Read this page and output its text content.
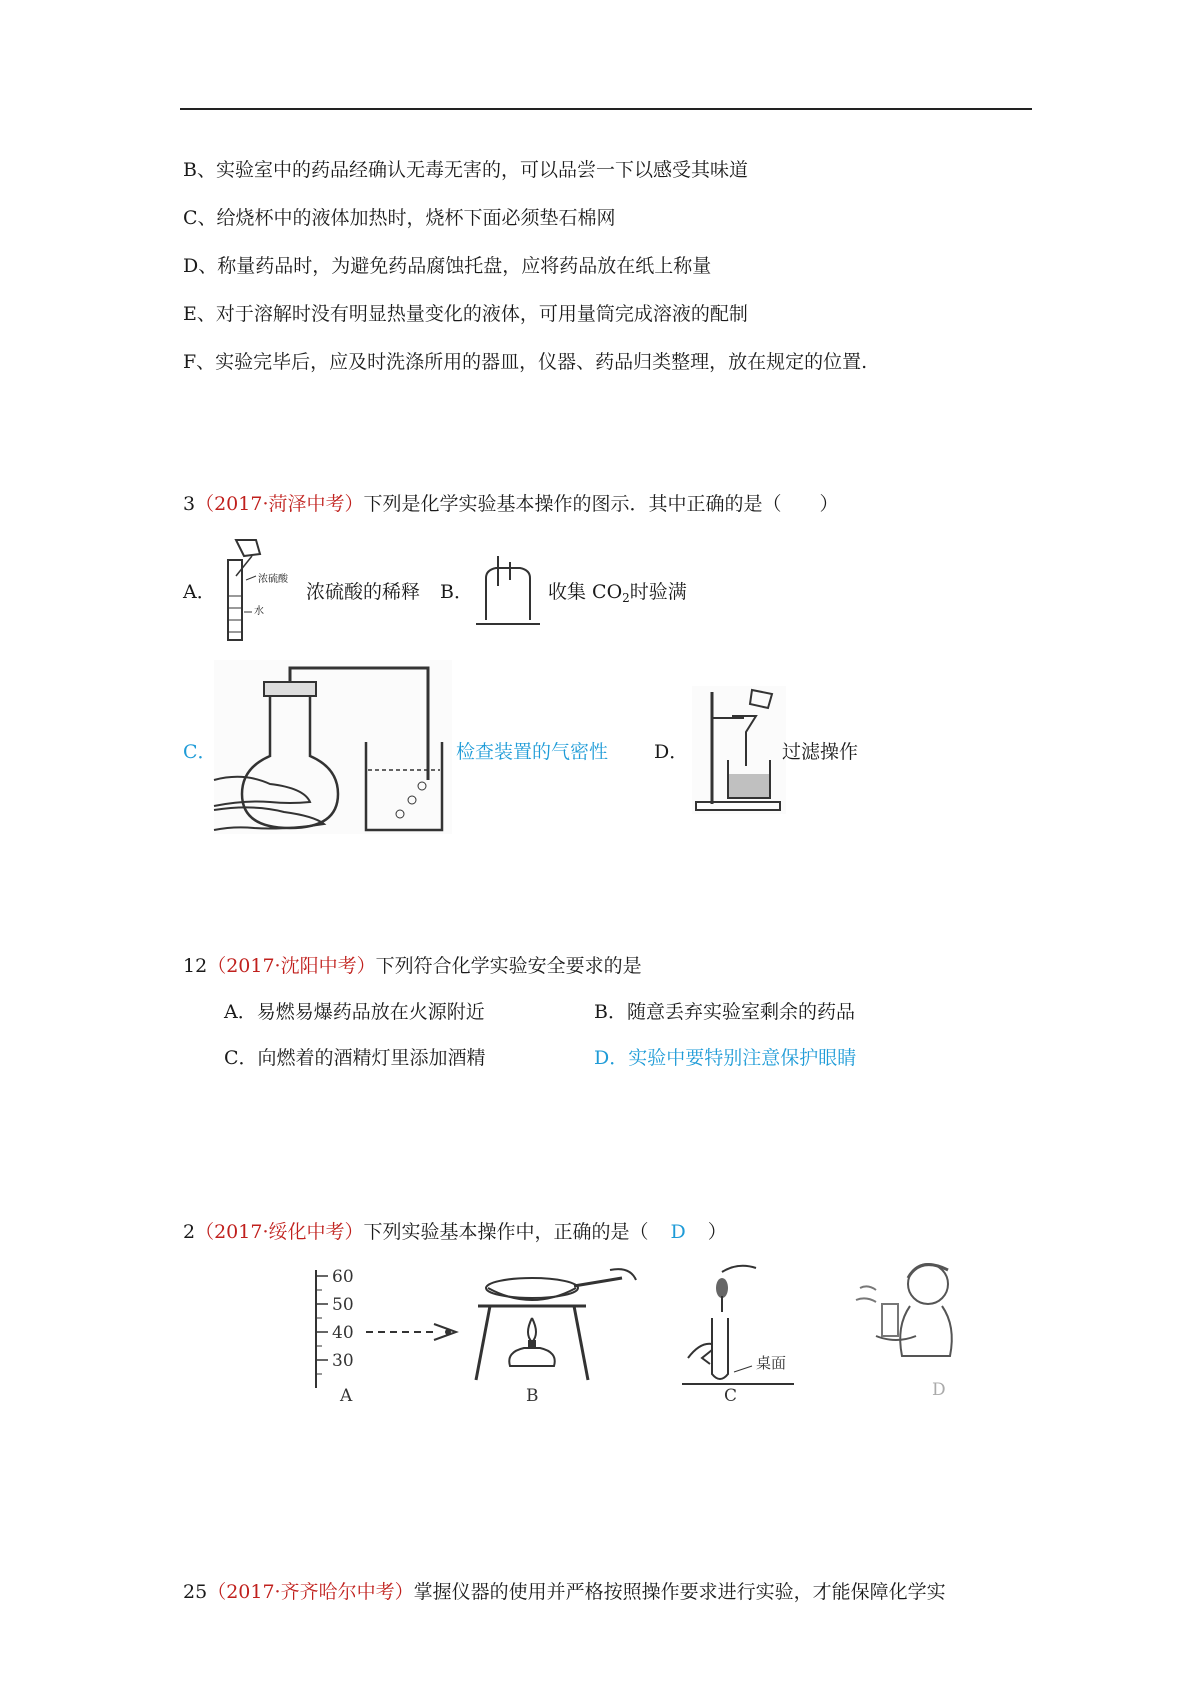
B、实验室中的药品经确认无毒无害的，可以品尝一下以感受其味道
C、给烧杯中的液体加热时，烧杯下面必须垫石棉网
D、称量药品时，为避免药品腐蚀托盘，应将药品放在纸上称量
E、对于溶解时没有明显热量变化的液体，可用量筒完成溶液的配制
F、实验完毕后，应及时洗涤所用的器皿，仪器、药品归类整理，放在规定的位置.
3（2017·菏泽中考）下列是化学实验基本操作的图示．其中正确的是（　　）
A．
浓硫酸
水
浓硫酸的稀释 B．	收集 $CO_2$时验满
C．	检查装置的气密性 D．	过滤操作
12（2017·沈阳中考）下列符合化学实验安全要求的是
A．易燃易爆药品放在火源附近	B．随意丢弃实验室剩余的药品
C．向燃着的酒精灯里添加酒精	D．实验中要特别注意保护眼睛
2（2017·绥化中考）下列实验基本操作中，正确的是（ D ）
60
50
40
30
A	B
桌面
C	D
25（2017·齐齐哈尔中考）掌握仪器的使用并严格按照操作要求进行实验，才能保障化学实
